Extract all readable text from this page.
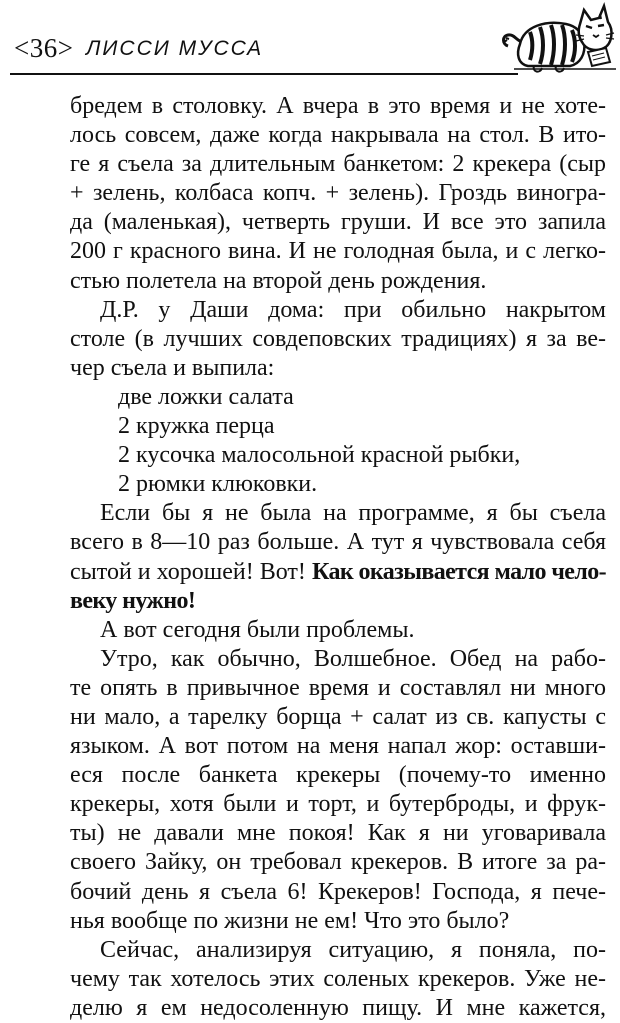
<36> ЛИССИ МУССА
бредем в столовку. А вчера в это время и не хоте-
лось совсем, даже когда накрывала на стол. В ито-
ге я съела за длительным банкетом: 2 крекера (сыр
+ зелень, колбаса копч. + зелень). Гроздь виногра-
да (маленькая), четверть груши. И все это запила
200 г красного вина. И не голодная была, и с легко-
стью полетела на второй день рождения.
Д.Р. у Даши дома: при обильно накрытом
столе (в лучших совдеповских традициях) я за ве-
чер съела и выпила:
две ложки салата
2 кружка перца
2 кусочка малосольной красной рыбки,
2 рюмки клюковки.
Если бы я не была на программе, я бы съела
всего в 8—10 раз больше. А тут я чувствовала себя
сытой и хорошей! Вот! Как оказывается мало чело-
веку нужно!
А вот сегодня были проблемы.
Утро, как обычно, Волшебное. Обед на рабо-
те опять в привычное время и составлял ни много
ни мало, а тарелку борща + салат из св. капусты с
языком. А вот потом на меня напал жор: оставши-
еся после банкета крекеры (почему-то именно
крекеры, хотя были и торт, и бутерброды, и фрук-
ты) не давали мне покоя! Как я ни уговаривала
своего Зайку, он требовал крекеров. В итоге за ра-
бочий день я съела 6! Крекеров! Господа, я пече-
нья вообще по жизни не ем! Что это было?
Сейчас, анализируя ситуацию, я поняла, по-
чему так хотелось этих соленых крекеров. Уже не-
делю я ем недосоленную пищу. И мне кажется,
